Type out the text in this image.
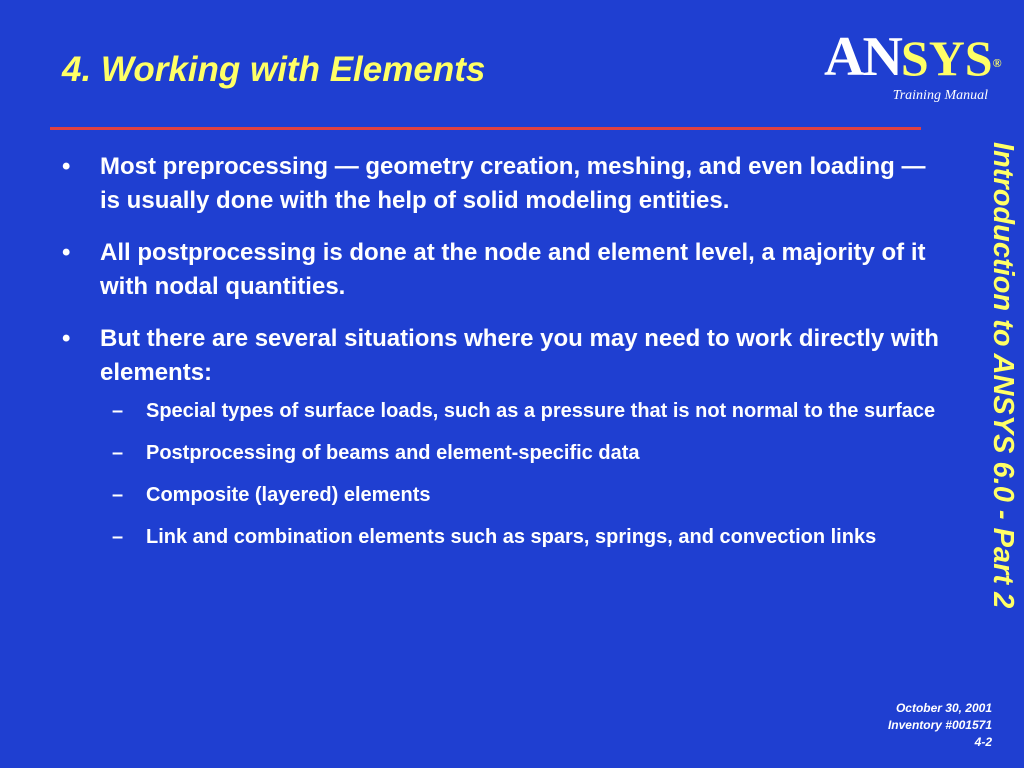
4. Working with Elements	ANSYS®
Training Manual
Introduction to ANSYS 6.0 - Part 2
•	Most preprocessing — geometry creation, meshing, and even loading — is usually done with the help of solid modeling entities.
•	All postprocessing is done at the node and element level, a majority of it with nodal quantities.
•	But there are several situations where you may need to work directly with elements:
– Special types of surface loads, such as a pressure that is not normal to the surface
– Postprocessing of beams and element-specific data
– Composite (layered) elements
– Link and combination elements such as spars, springs, and convection links
October 30, 2001
Inventory #001571
4-2
